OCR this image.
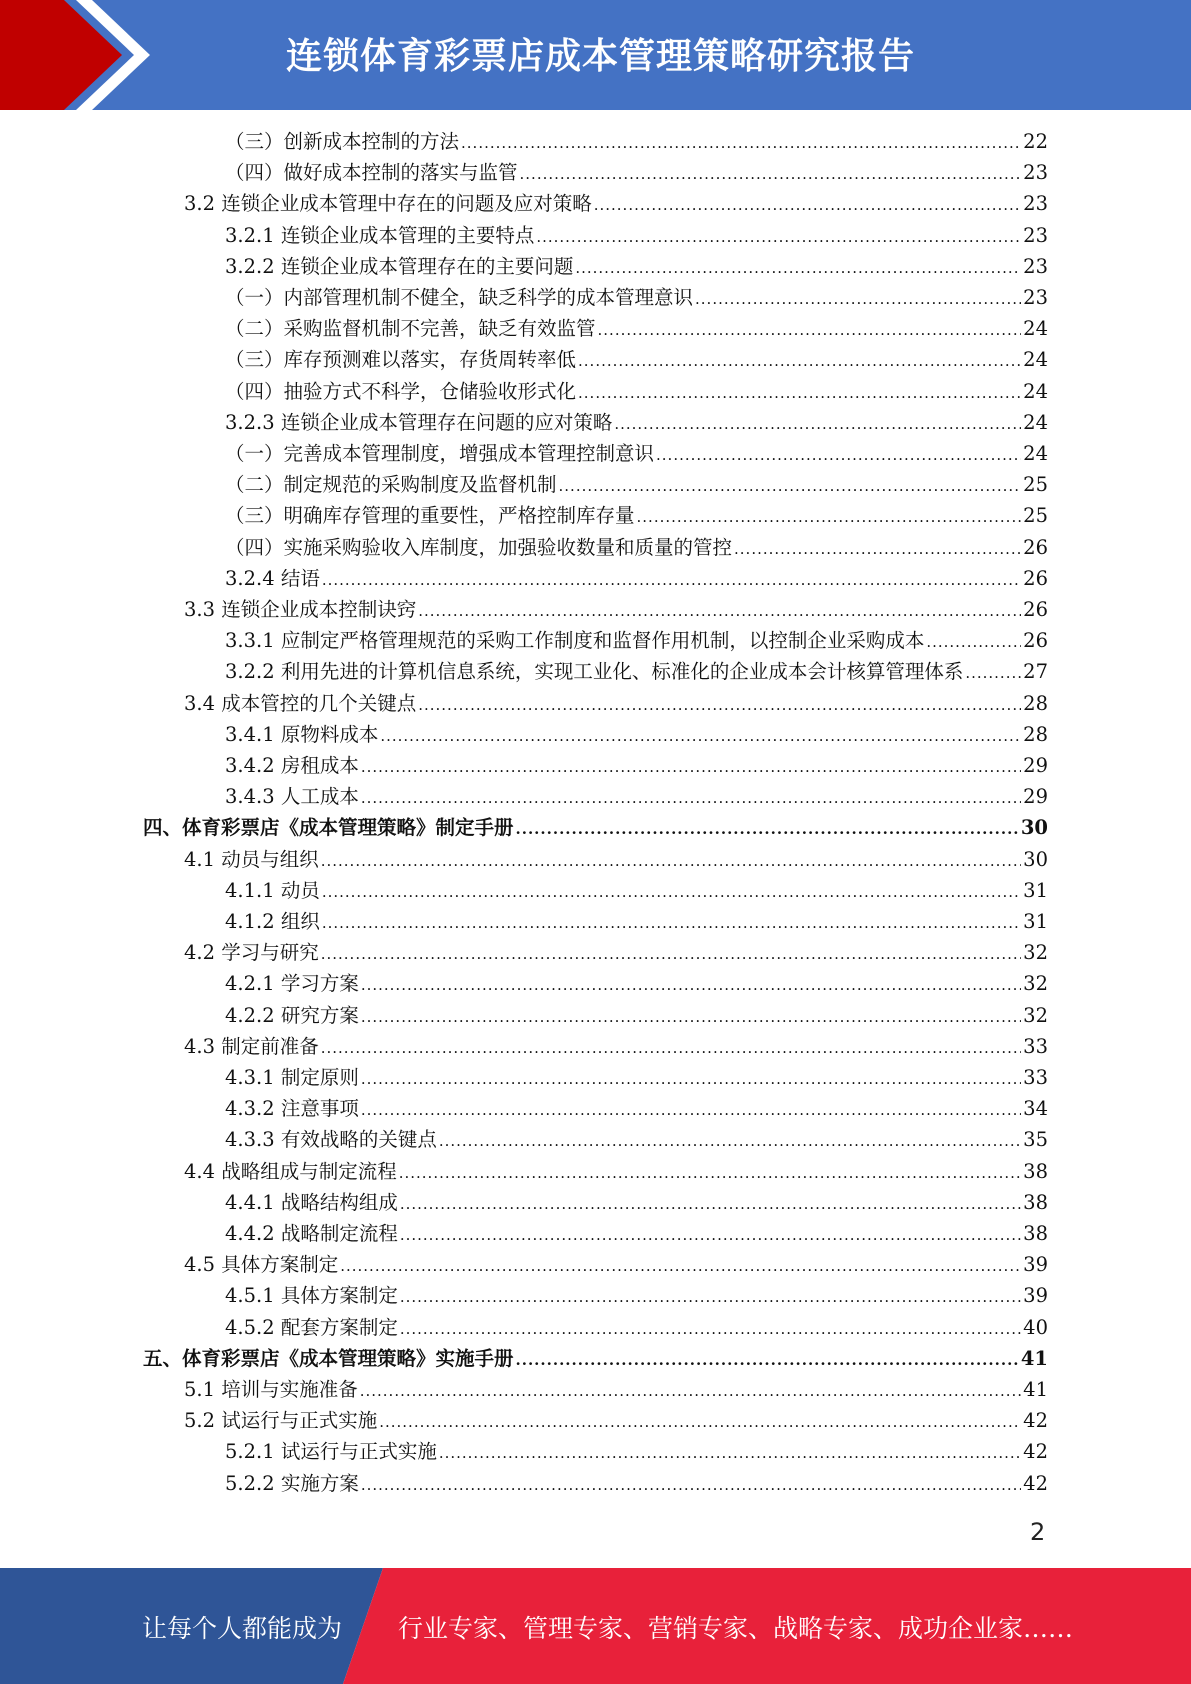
连锁体育彩票店成本管理策略研究报告
（三）创新成本控制的方法 .....	22
（四）做好成本控制的落实与监管 .....	23
3.2 连锁企业成本管理中存在的问题及应对策略 .....	23
3.2.1 连锁企业成本管理的主要特点 .....	23
3.2.2 连锁企业成本管理存在的主要问题 .....	23
（一）内部管理机制不健全，缺乏科学的成本管理意识 .....	23
（二）采购监督机制不完善，缺乏有效监管 .....	24
（三）库存预测难以落实，存货周转率低 .....	24
（四）抽验方式不科学，仓储验收形式化 .....	24
3.2.3 连锁企业成本管理存在问题的应对策略 .....	24
（一）完善成本管理制度，增强成本管理控制意识 .....	24
（二）制定规范的采购制度及监督机制 .....	25
（三）明确库存管理的重要性，严格控制库存量 .....	25
（四）实施采购验收入库制度，加强验收数量和质量的管控 .....	26
3.2.4 结语 .....	26
3.3 连锁企业成本控制诀窍 .....	26
3.3.1 应制定严格管理规范的采购工作制度和监督作用机制，以控制企业采购成本 .....	26
3.2.2 利用先进的计算机信息系统，实现工业化、标准化的企业成本会计核算管理体系 .....	27
3.4 成本管控的几个关键点 .....	28
3.4.1 原物料成本 .....	28
3.4.2 房租成本 .....	29
3.4.3 人工成本 .....	29
四、体育彩票店《成本管理策略》制定手册 .....	30
4.1 动员与组织 .....	30
4.1.1 动员 .....	31
4.1.2 组织 .....	31
4.2 学习与研究 .....	32
4.2.1 学习方案 .....	32
4.2.2 研究方案 .....	32
4.3 制定前准备 .....	33
4.3.1 制定原则 .....	33
4.3.2 注意事项 .....	34
4.3.3 有效战略的关键点 .....	35
4.4 战略组成与制定流程 .....	38
4.4.1 战略结构组成 .....	38
4.4.2 战略制定流程 .....	38
4.5 具体方案制定 .....	39
4.5.1 具体方案制定 .....	39
4.5.2 配套方案制定 .....	40
五、体育彩票店《成本管理策略》实施手册 .....	41
5.1 培训与实施准备 .....	41
5.2 试运行与正式实施 .....	42
5.2.1 试运行与正式实施 .....	42
5.2.2 实施方案 .....	42
2
让每个人都能成为 行业专家、管理专家、营销专家、战略专家、成功企业家……
